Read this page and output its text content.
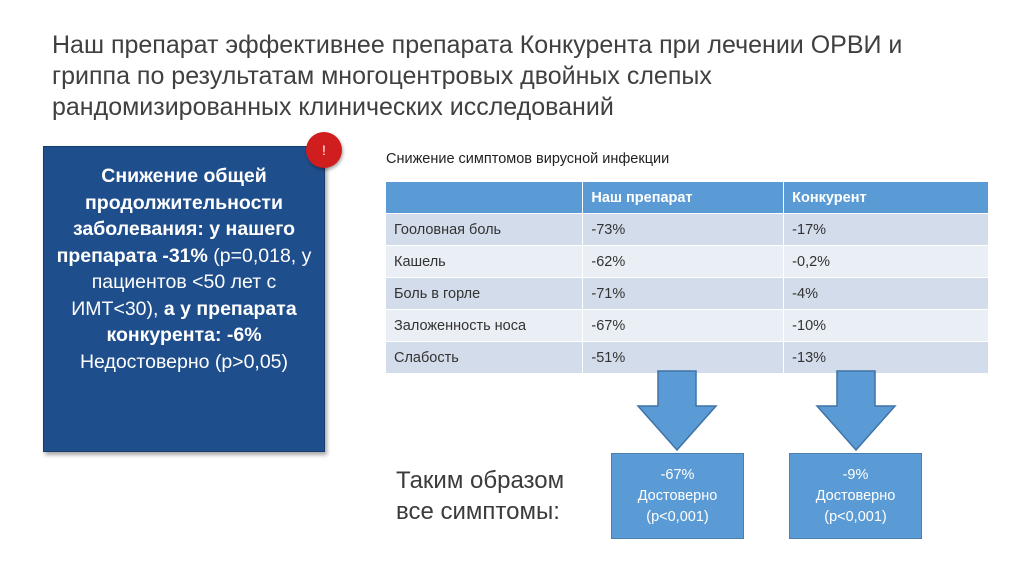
Наш препарат эффективнее препарата Конкурента при лечении ОРВИ и
гриппа по результатам многоцентровых двойных слепых
рандомизированных клинических исследований
Снижение общей продолжительности заболевания: у нашего препарата -31% (p=0,018, у пациентов <50 лет с ИМТ<30), а у препарата конкурента: -6%
Недостоверно (p>0,05)
!
Снижение симптомов вирусной инфекции
	Наш препарат	Конкурент
Гооловная боль	-73%	-17%
Кашель	-62%	-0,2%
Боль в горле	-71%	-4%
Заложенность носа	-67%	-10%
Слабость	-51%	-13%
Таким образом
все симптомы:
-67%
Достоверно
(p<0,001)
-9%
Достоверно
(p<0,001)
